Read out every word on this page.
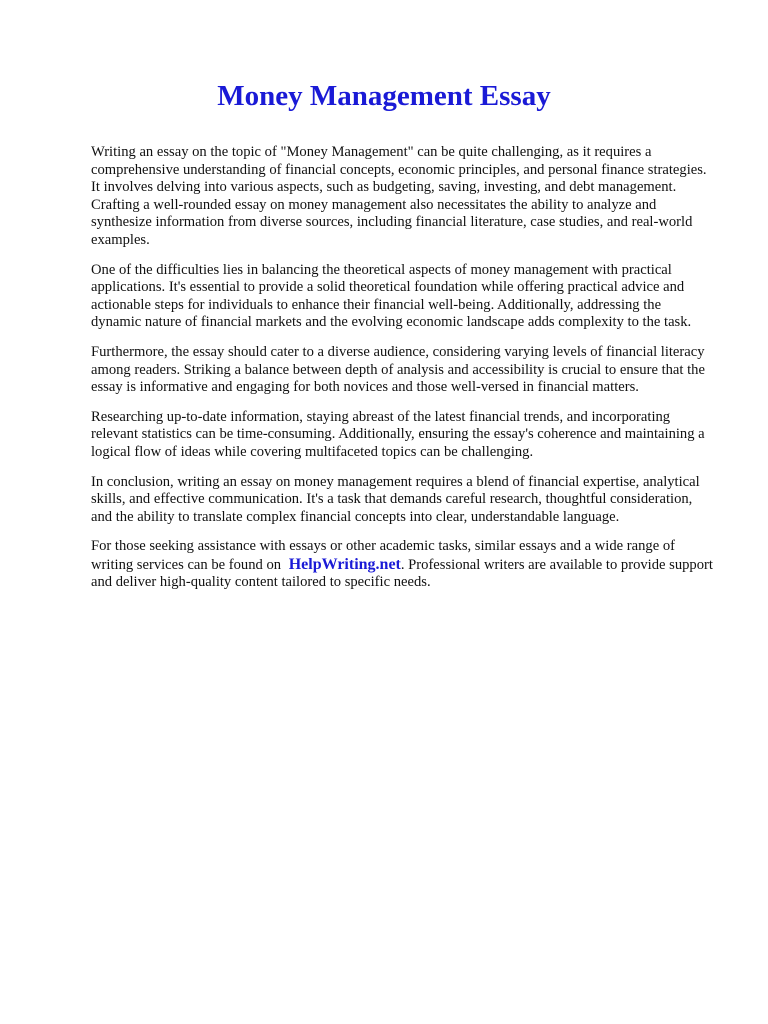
Money Management Essay

Writing an essay on the topic of "Money Management" can be quite challenging, as it requires a comprehensive understanding of financial concepts, economic principles, and personal finance strategies. It involves delving into various aspects, such as budgeting, saving, investing, and debt management. Crafting a well-rounded essay on money management also necessitates the ability to analyze and synthesize information from diverse sources, including financial literature, case studies, and real-world examples.

One of the difficulties lies in balancing the theoretical aspects of money management with practical applications. It's essential to provide a solid theoretical foundation while offering practical advice and actionable steps for individuals to enhance their financial well-being. Additionally, addressing the dynamic nature of financial markets and the evolving economic landscape adds complexity to the task.

Furthermore, the essay should cater to a diverse audience, considering varying levels of financial literacy among readers. Striking a balance between depth of analysis and accessibility is crucial to ensure that the essay is informative and engaging for both novices and those well-versed in financial matters.

Researching up-to-date information, staying abreast of the latest financial trends, and incorporating relevant statistics can be time-consuming. Additionally, ensuring the essay's coherence and maintaining a logical flow of ideas while covering multifaceted topics can be challenging.

In conclusion, writing an essay on money management requires a blend of financial expertise, analytical skills, and effective communication. It's a task that demands careful research, thoughtful consideration, and the ability to translate complex financial concepts into clear, understandable language.

For those seeking assistance with essays or other academic tasks, similar essays and a wide range of writing services can be found on HelpWriting.net. Professional writers are available to provide support and deliver high-quality content tailored to specific needs.
